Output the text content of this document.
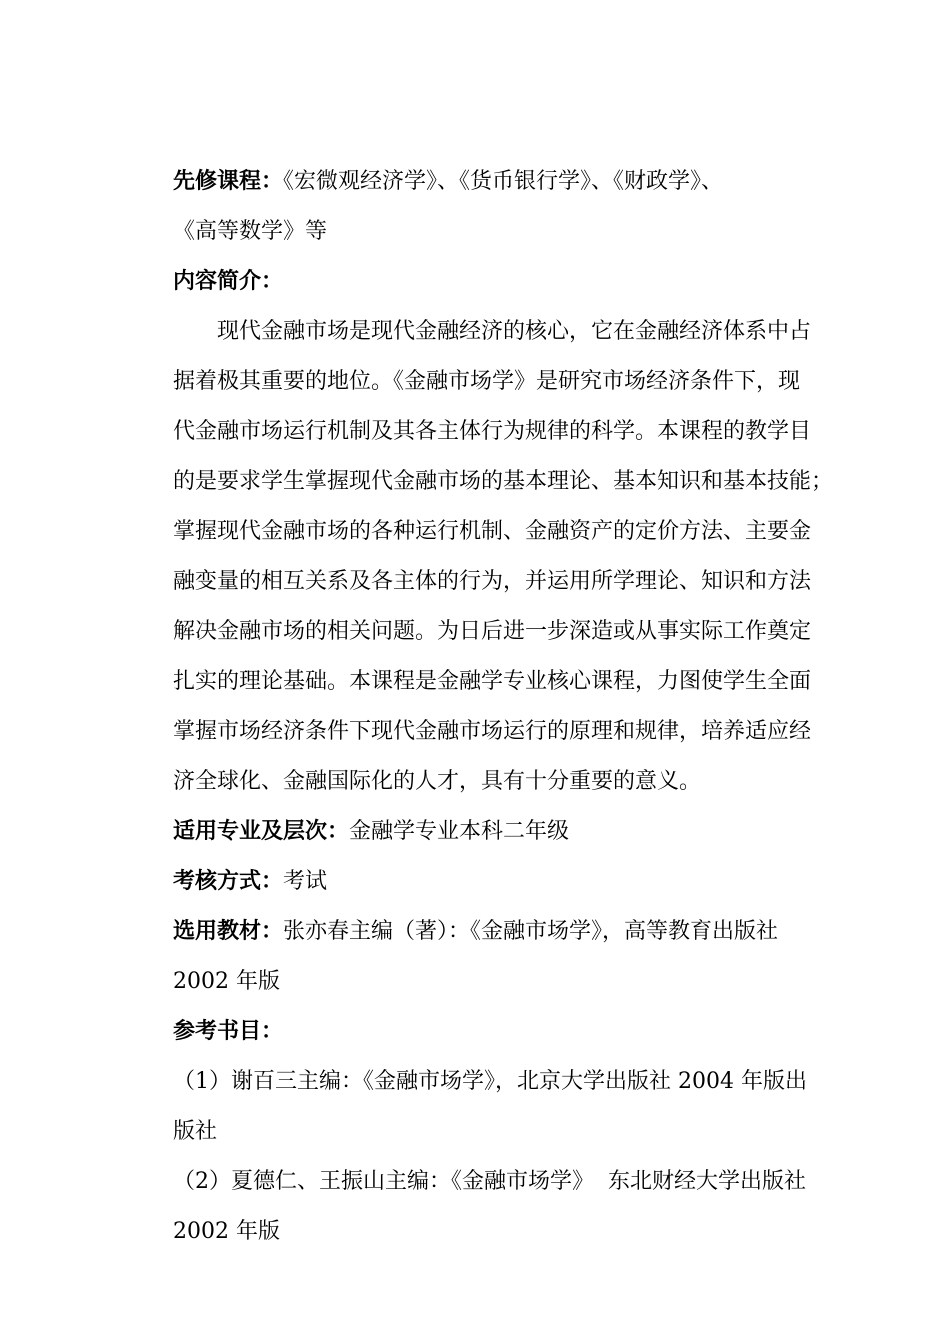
先修课程：《宏微观经济学》、《货币银行学》、《财政学》、

《高等数学》等

内容简介：

现代金融市场是现代金融经济的核心，它在金融经济体系中占

据着极其重要的地位。《金融市场学》是研究市场经济条件下，现

代金融市场运行机制及其各主体行为规律的科学。本课程的教学目

的是要求学生掌握现代金融市场的基本理论、基本知识和基本技能；

掌握现代金融市场的各种运行机制、金融资产的定价方法、主要金

融变量的相互关系及各主体的行为，并运用所学理论、知识和方法

解决金融市场的相关问题。为日后进一步深造或从事实际工作奠定

扎实的理论基础。本课程是金融学专业核心课程，力图使学生全面

掌握市场经济条件下现代金融市场运行的原理和规律，培养适应经

济全球化、金融国际化的人才，具有十分重要的意义。

适用专业及层次：金融学专业本科二年级

考核方式：考试

选用教材：张亦春主编（著）：《金融市场学》，高等教育出版社

2002 年版

参考书目：

（1）谢百三主编：《金融市场学》，北京大学出版社 2004 年版出

版社

（2）夏德仁、王振山主编：《金融市场学》  东北财经大学出版社

2002 年版
